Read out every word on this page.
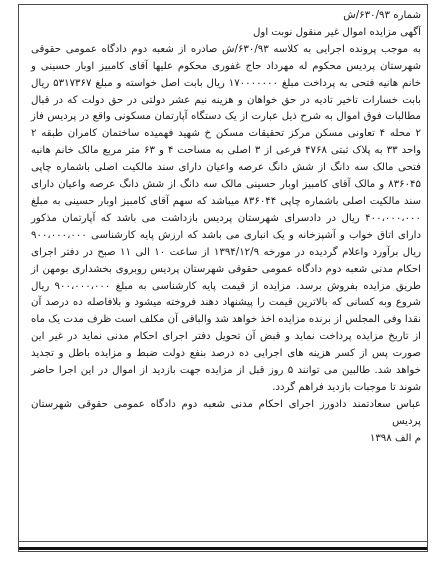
شماره ۶۳۰/۹۳/ش

آگهی مزایده اموال غیر منقول نوبت اول

به موجب پرونده اجرایی به کلاسه ۶۳۰/۹۳/ش صادره از شعبه دوم دادگاه عمومی حقوقی شهرستان پردیس محکوم له مهرداد حاج غفوری محکوم علیها آقای کامبیز اوبار حسینی و خانم هانیه فتحی به پرداخت مبلغ ۱۷۰۰۰۰۰۰۰ ریال بابت اصل خواسته و مبلغ ۵۳۱۷۳۶۷ ریال بابت خسارات تاخیر تادیه در حق خواهان و هزینه نیم عشر دولتی در حق دولت که در قبال مطالبات فوق اموال به شرح ذیل عبارت از یک دستگاه آپارتمان مسکونی واقع در پردیس فاز ۲ محله ۴ تعاونی مسکن مرکز تحقیقات مسکن خ شهید فهمیده ساختمان کامران طبقه ۲ واحد ۳۳ به پلاک ثبتی ۴۷۶۸ فرعی از ۳ اصلی به مساحت ۴ و ۶۳ متر مربع مالک خانم هانیه فتحی مالک سه دانگ از شش دانگ عرصه واعیان دارای سند مالکیت اصلی باشماره چاپی ۸۳۶۰۴۵ و مالک آقای کامبیز اوبار حسینی مالک سه دانگ از شش دانگ عرصه واعیان دارای سند مالکیت اصلی باشماره چاپی ۸۳۶۰۴۴ میباشد که سهم آقای کامبیز اوبار حسینی به مبلغ ۴۰۰،۰۰۰،۰۰۰ ریال در دادسرای شهرستان پردیس بازداشت می باشد که آپارتمان مذکور دارای اتاق خواب و آشپزخانه و یک انباری می باشد که ارزش پایه کارشناسی ۹۰۰،۰۰۰،۰۰۰ ریال برآورد واعلام گردیده در مورخه ۱۳۹۴/۱۲/۹ از ساعت ۱۰ الی ۱۱ صبح در دفتر اجرای احکام مدنی شعبه دوم دادگاه عمومی حقوقی شهرستان پردیس روبروی بخشداری بومهن از طریق مزایده بفروش برسد. مزایده از قیمت پایه کارشناسی به مبلغ ۹۰۰،۰۰۰،۰۰۰ ریال شروع وبه کسانی که بالاترین قیمت را پیشنهاد دهند فروخته میشود و بلافاصله ده درصد آن نقدا وفی المجلس از برنده مزایده اخذ خواهد شد والباقی آن مکلف است ظرف مدت یک ماه از تاریخ مزایده پرداخت نماید و قبض آن تحویل دفتر اجرای احکام مدنی نماید در غیر این صورت پس از کسر هزینه های اجرایی ده درصد بنفع دولت ضبط و مزایده باطل و تجدید خواهد شد. طالبین می توانند ۵ روز قبل از مزایده جهت بازدید از اموال در این اجرا حاضر شوند تا موجبات بازدید فراهم گردد.

عباس سعادتمند دادورز اجرای احکام مدنی شعبه دوم دادگاه عمومی حقوقی شهرستان پردیس

م الف ۱۳۹۸
